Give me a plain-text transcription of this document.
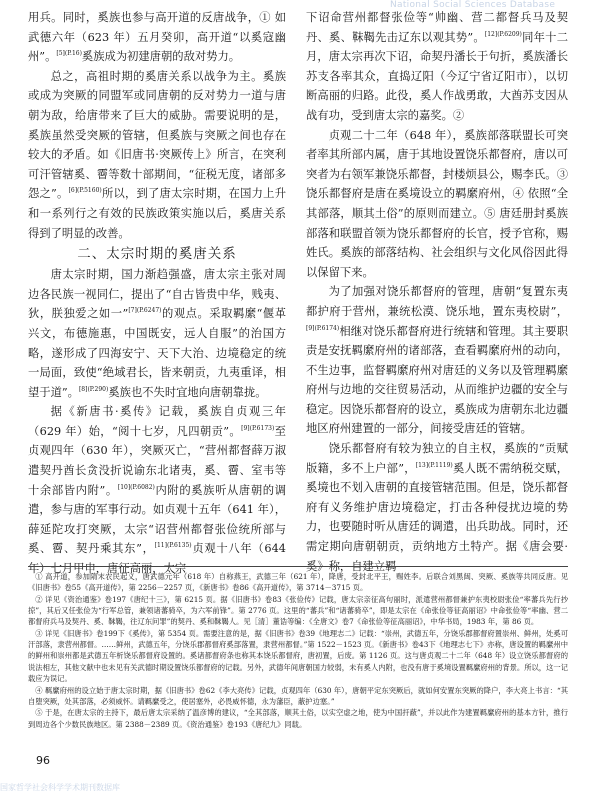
National Social Sciences Database

用兵。同时，奚族也参与高开道的反唐战争，① 如武德六年（623 年）五月癸卯，高开道“以奚寇幽州”。$^{[5](P.16)}$奚族成为初建唐朝的敌对势力。

总之，高祖时期的奚唐关系以战争为主。奚族或成为突厥的同盟军或同唐朝的反对势力一道与唐朝为敌，给唐带来了巨大的威胁。需要说明的是，奚族虽然受突厥的管辖，但奚族与突厥之间也存在较大的矛盾。如《旧唐书·突厥传上》所言，在突利可汗管辖奚、霫等数十部期间，“征税无度，诸部多怨之”。$^{[6](P.5160)}$所以，到了唐太宗时期，在国力上升和一系列行之有效的民族政策实施以后，奚唐关系得到了明显的改善。

二、太宗时期的奚唐关系

唐太宗时期，国力渐趋强盛，唐太宗主张对周边各民族一视同仁，提出了“自古皆贵中华，贱夷、狄，朕独爱之如一”$^{[7](P.6247)}$的观点。采取羁縻“偃革兴文，布德施惠，中国既安，远人自服”的治国方略，遂形成了四海安宁、天下大治、边境稳定的统一局面，致使“绝域君长，皆来朝贡，九夷重译，相望于道”。$^{[8](P.290)}$奚族也不失时宜地向唐朝靠拢。

据《新唐书·奚传》记载，奚族自贞观三年（629 年）始，“阅十七岁，凡四朝贡”。$^{[9](P.6173)}$至贞观四年（630 年），突厥灭亡，“营州都督薛万淑遣契丹酋长贪没折说谕东北诸夷，奚、霫、室韦等十余部皆内附”。$^{[10](P.6082)}$内附的奚族听从唐朝的调遣，参与唐的军事行动。如贞观十五年（641 年），薛延陀攻打突厥，太宗“诏营州都督张俭统所部与奚、霫、契丹乘其东”，$^{[11](P.6135)}$贞观十八年（644 年）七月甲申，唐征高丽，太宗

下诏命营州都督张俭等“帅幽、营二都督兵马及契丹、奚、靺鞨先击辽东以观其势”。$^{[12](P.6209)}$同年十二月，唐太宗再次下诏，命契丹潘长于句折，奚族潘长苏支各率其众，直捣辽阳（今辽宁省辽阳市），以切断高丽的归路。此役，奚人作战勇敢，大酋苏支因从战有功，受到唐太宗的嘉奖。②

贞观二十二年（648 年），奚族部落联盟长可突者率其所部内属，唐于其地设置饶乐都督府，唐以可突者为右领军兼饶乐都督，封楼烦县公，赐李氏。③ 饶乐都督府是唐在奚境设立的羁縻府州，④ 依照“全其部落，顺其土俗”的原则而建立。⑤ 唐廷册封奚族部落和联盟首领为饶乐都督府的长官，授予官称，赐姓氏。奚族的部落结构、社会组织与文化风俗因此得以保留下来。

为了加强对饶乐都督府的管理，唐朝“复置东夷都护府于营州，兼统松漠、饶乐地，置东夷校尉”，$^{[9](P.6174)}$相继对饶乐都督府进行统辖和管理。其主要职责是安抚羁縻府州的诸部落，查看羁縻府州的动向，不生边事，监督羁縻府州对唐廷的义务以及管理羁縻府州与边地的交往贸易活动，从而维护边疆的安全与稳定。因饶乐都督府的设立，奚族成为唐朝东北边疆地区府州建置的一部分，间接受唐廷的管辖。

饶乐都督府有较为独立的自主权，奚族的“贡赋版籍，多不上户部”，$^{[13](P.1119)}$奚人既不需纳税交赋，奚境也不划入唐朝的直接管辖范围。但是，饶乐都督府有义务维护唐边境稳定，打击各种侵扰边境的势力，也要随时听从唐廷的调遣，出兵助战。同时，还需定期向唐朝朝贡，贡纳地方土特产。据《唐会要·奚》称，自建立羁

① 高开道，参加隋末农民起义，唐武德元年（618 年）自称燕王，武德三年（621 年），降唐，受封北平王，赐姓李。后联合刘黑闼、突厥、奚族等共同反唐。见《旧唐书》卷55《高开道传》，第 2256－2257 页，《新唐书》卷86《高开道传》，第 3714－3715 页。

② 详见《资治通鉴》卷197《唐纪十三》，第 6215 页。据《旧唐书》卷83《张俭传》记载，唐太宗亲征高句丽时，派遣营州都督兼护东夷校尉张俭“率蕃兵先行抄掠”，其后又任张俭为“行军总管，兼领诸蕃骑卒，为六军前锋”。第 2776 页。这里的“蕃兵”和“诸蕃骑卒”，即是太宗在《命张俭等征高丽诏》中命张俭等“率幽、营二都督府兵马及契丹、奚、靺鞨，往辽东问罪”的契丹、奚和靺鞨人。见［清］董诰等编：《全唐文》卷7《命张俭等征高丽诏》，中华书局，1983 年，第 86 页。

③ 详见《旧唐书》卷199下《奚传》，第 5354 页。需要注意的是，据《旧唐书》卷39《地理志二》记载：“崇州，武德五年，分饶乐郡都督府置崇州、鲜州，处奚可汗部落，隶营州都督。……鲜州，武德五年，分饶乐郡都督府奚部落置，隶营州都督。”第 1522－1523 页。《新唐书》卷43下《地理志七下》亦称，唐设置的羁縻州中的鲜州和崇州都是武德五年析饶乐都督府设置的。奚诸都督府条也称其本饶乐都督府，唐初置，后废。第 1126 页。这与唐贞观二十二年（648 年）设立饶乐都督府的说法相左，其他文献中也未见有关武德时期设置饶乐都督府的记载。另外，武德年间唐朝国力较弱，未有奚人内附，也没有唐于奚境设置羁縻府州的背景。所以，这一记载应为误记。

④ 羁縻府州的设立始于唐太宗时期，据《旧唐书》卷62《李大亮传》记载，贞观四年（630 年），唐朝平定东突厥后，就如何安置东突厥的降户，李大亮上书言：“其自堕突厥，处其部落，必须威怀。请羁縻受之，使居塞外，必畏威怀德，永为藩臣，蔽护边塞。”

⑤ 于是，在唐太宗的主持下，最后唐太宗采纳了温彦博的建议，“全其部落，顺其土俗，以实空虚之地，使为中国扞蔽”，并以此作为建置羁縻府州的基本方针，推行到周边各个少数民族地区。第 2388－2389 页。《资治通鉴》卷193《唐纪九》同载。

96
国家哲学社会科学学术期刊数据库
